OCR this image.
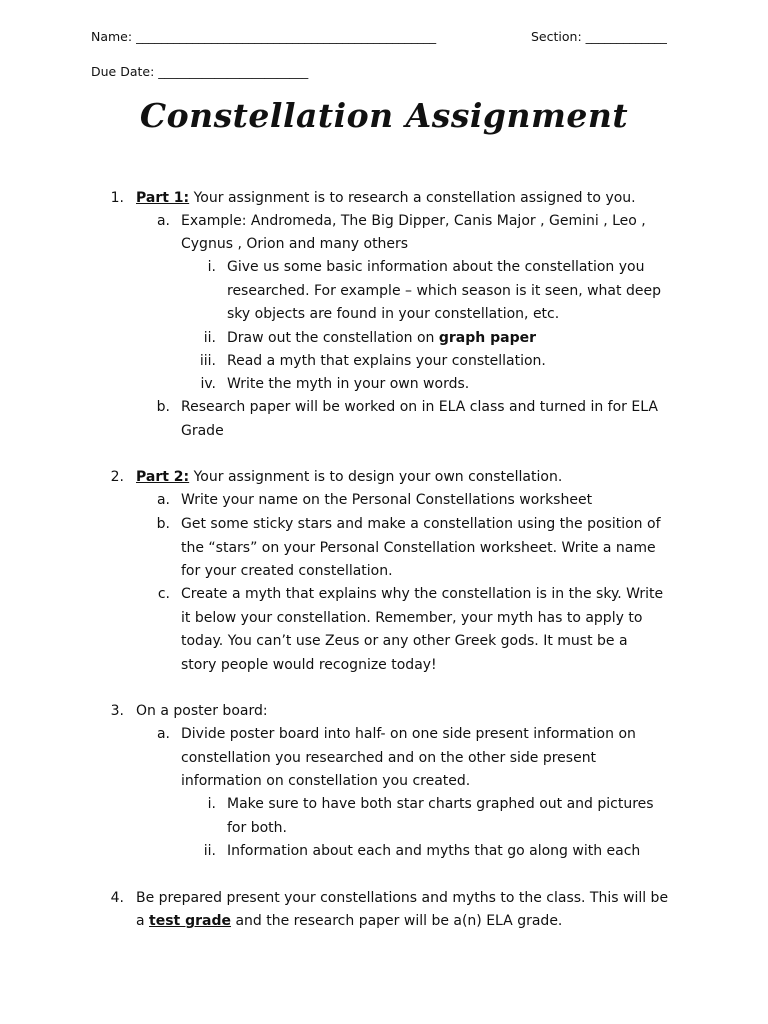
Name: ________________________________________________	Section: _____________
Due Date: ________________________
Constellation Assignment
1. Part 1: Your assignment is to research a constellation assigned to you.
a. Example: Andromeda, The Big Dipper, Canis Major , Gemini , Leo ,
Cygnus , Orion and many others
i. Give us some basic information about the constellation you
researched. For example – which season is it seen, what deep
sky objects are found in your constellation, etc.
ii. Draw out the constellation on graph paper
iii. Read a myth that explains your constellation.
iv. Write the myth in your own words.
b. Research paper will be worked on in ELA class and turned in for ELA
Grade
2. Part 2: Your assignment is to design your own constellation.
a. Write your name on the Personal Constellations worksheet
b. Get some sticky stars and make a constellation using the position of
the “stars” on your Personal Constellation worksheet. Write a name
for your created constellation.
c. Create a myth that explains why the constellation is in the sky. Write
it below your constellation. Remember, your myth has to apply to
today. You can’t use Zeus or any other Greek gods. It must be a
story people would recognize today!
3. On a poster board:
a. Divide poster board into half- on one side present information on
constellation you researched and on the other side present
information on constellation you created.
i. Make sure to have both star charts graphed out and pictures
for both.
ii. Information about each and myths that go along with each
4. Be prepared present your constellations and myths to the class. This will be
a test grade and the research paper will be a(n) ELA grade.
